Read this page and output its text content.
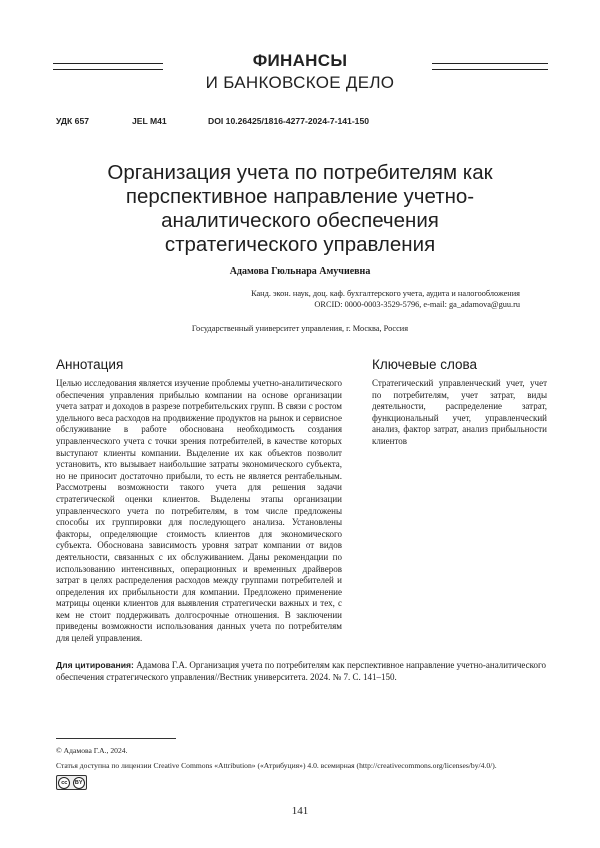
ФИНАНСЫ
И БАНКОВСКОЕ ДЕЛО
УДК 657	JEL M41	DOI 10.26425/1816-4277-2024-7-141-150
Организация учета по потребителям как перспективное направление учетно-аналитического обеспечения стратегического управления
Адамова Гюльнара Амучиевна
Канд. экон. наук, доц. каф. бухгалтерского учета, аудита и налогообложения
ORCID: 0000-0003-3529-5796, e-mail: ga_adamova@guu.ru
Государственный университет управления, г. Москва, Россия
Аннотация
Целью исследования является изучение проблемы учетно-аналитического обеспечения управления прибылью компании на основе организации учета затрат и доходов в разрезе потребительских групп. В связи с ростом удельного веса расходов на продвижение продуктов на рынок и сервисное обслуживание в работе обоснована необходимость создания управленческого учета с точки зрения потребителей, в качестве которых выступают клиенты компании. Выделение их как объектов позволит установить, кто вызывает наибольшие затраты экономического субъекта, но не приносит достаточно прибыли, то есть не является рентабельным. Рассмотрены возможности такого учета для решения задачи стратегической оценки клиентов. Выделены этапы организации управленческого учета по потребителям, в том числе предложены способы их группировки для последующего анализа. Установлены факторы, определяющие стоимость клиентов для экономического субъекта. Обоснована зависимость уровня затрат компании от видов деятельности, связанных с их обслуживанием. Даны рекомендации по использованию интенсивных, операционных и временных драйверов затрат в целях распределения расходов между группами потребителей и определения их прибыльности для компании. Предложено применение матрицы оценки клиентов для выявления стратегически важных и тех, с кем не стоит поддерживать долгосрочные отношения. В заключении приведены возможности использования данных учета по потребителям для целей управления.
Ключевые слова
Стратегический управленческий учет, учет по потребителям, учет затрат, виды деятельности, распределение затрат, функциональный учет, управленческий анализ, фактор затрат, анализ прибыльности клиентов
Для цитирования: Адамова Г.А. Организация учета по потребителям как перспективное направление учетно-аналитического обеспечения стратегического управления//Вестник университета. 2024. № 7. С. 141–150.
© Адамова Г.А., 2024.
Статья доступна по лицензии Creative Commons «Attribution» («Атрибуция») 4.0. всемирная (http://creativecommons.org/licenses/by/4.0/).
cc	BY
141
